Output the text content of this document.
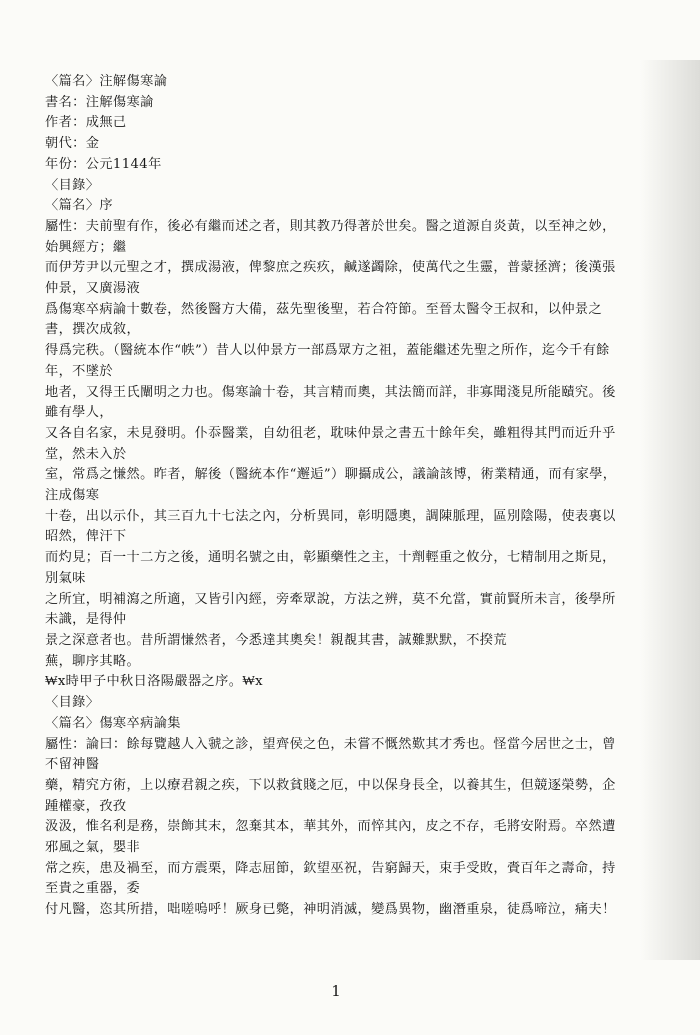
〈篇名〉注解傷寒論
書名：注解傷寒論
作者：成無己
朝代：金
年份：公元1144年
〈目錄〉
〈篇名〉序
屬性：夫前聖有作，後必有繼而述之者，則其教乃得著於世矣。醫之道源自炎黃，以至神之妙，
始興經方；繼
而伊芳尹以元聖之才，撰成湯液，俾黎庶之疾疚，鹹遂蠲除，使萬代之生靈，普蒙拯濟；後漢張
仲景，又廣湯液
爲傷寒卒病論十數卷，然後醫方大備，茲先聖後聖，若合符節。至晉太醫令王叔和，以仲景之
書，撰次成敘，
得爲完秩。（醫統本作“帙”）昔人以仲景方一部爲眾方之祖，蓋能繼述先聖之所作，迄今千有餘
年，不墜於
地者，又得王氏闡明之力也。傷寒論十卷，其言精而奧，其法簡而詳，非寡聞淺見所能賾究。後
雖有學人，
又各自名家，未見發明。仆忝醫業，自幼徂老，耽味仲景之書五十餘年矣，雖粗得其門而近升乎
堂，然未入於
室，常爲之慊然。昨者，解後（醫統本作“邂逅”）聊攝成公，議論該博，術業精通，而有家學，
注成傷寒
十卷，出以示仆，其三百九十七法之內，分析異同，彰明隱奧，調陳脈理，區別陰陽，使表裏以
昭然，俾汗下
而灼見；百一十二方之後，通明名號之由，彰顯藥性之主，十劑輕重之攸分，七精制用之斯見，
別氣味
之所宜，明補瀉之所適，又皆引內經，旁牽眾說，方法之辨，莫不允當，實前賢所未言，後學所
未識，是得仲
景之深意者也。昔所謂慊然者，今悉達其奧矣！親覩其書，誠難默默，不揆荒
蕪，聊序其略。
₩x時甲子中秋日洛陽嚴器之序。₩x
〈目錄〉
〈篇名〉傷寒卒病論集
屬性：論曰：餘每覽越人入虢之診，望齊侯之色，未嘗不慨然歎其才秀也。怪當今居世之士，曾
不留神醫
藥，精究方術，上以療君親之疾，下以救貧賤之厄，中以保身長全，以養其生，但競逐榮勢，企
踵權豪，孜孜
汲汲，惟名利是務，崇飾其末，忽棄其本，華其外，而悴其內，皮之不存，毛將安附焉。卒然遭
邪風之氣，嬰非
常之疾，患及禍至，而方震栗，降志屈節，欽望巫祝，告窮歸天，束手受敗，賫百年之壽命，持
至貴之重器，委
付凡醫，恣其所措，咄嗟嗚呼！厥身已斃，神明消滅，變爲異物，幽潛重泉，徒爲啼泣，痛夫！
1
